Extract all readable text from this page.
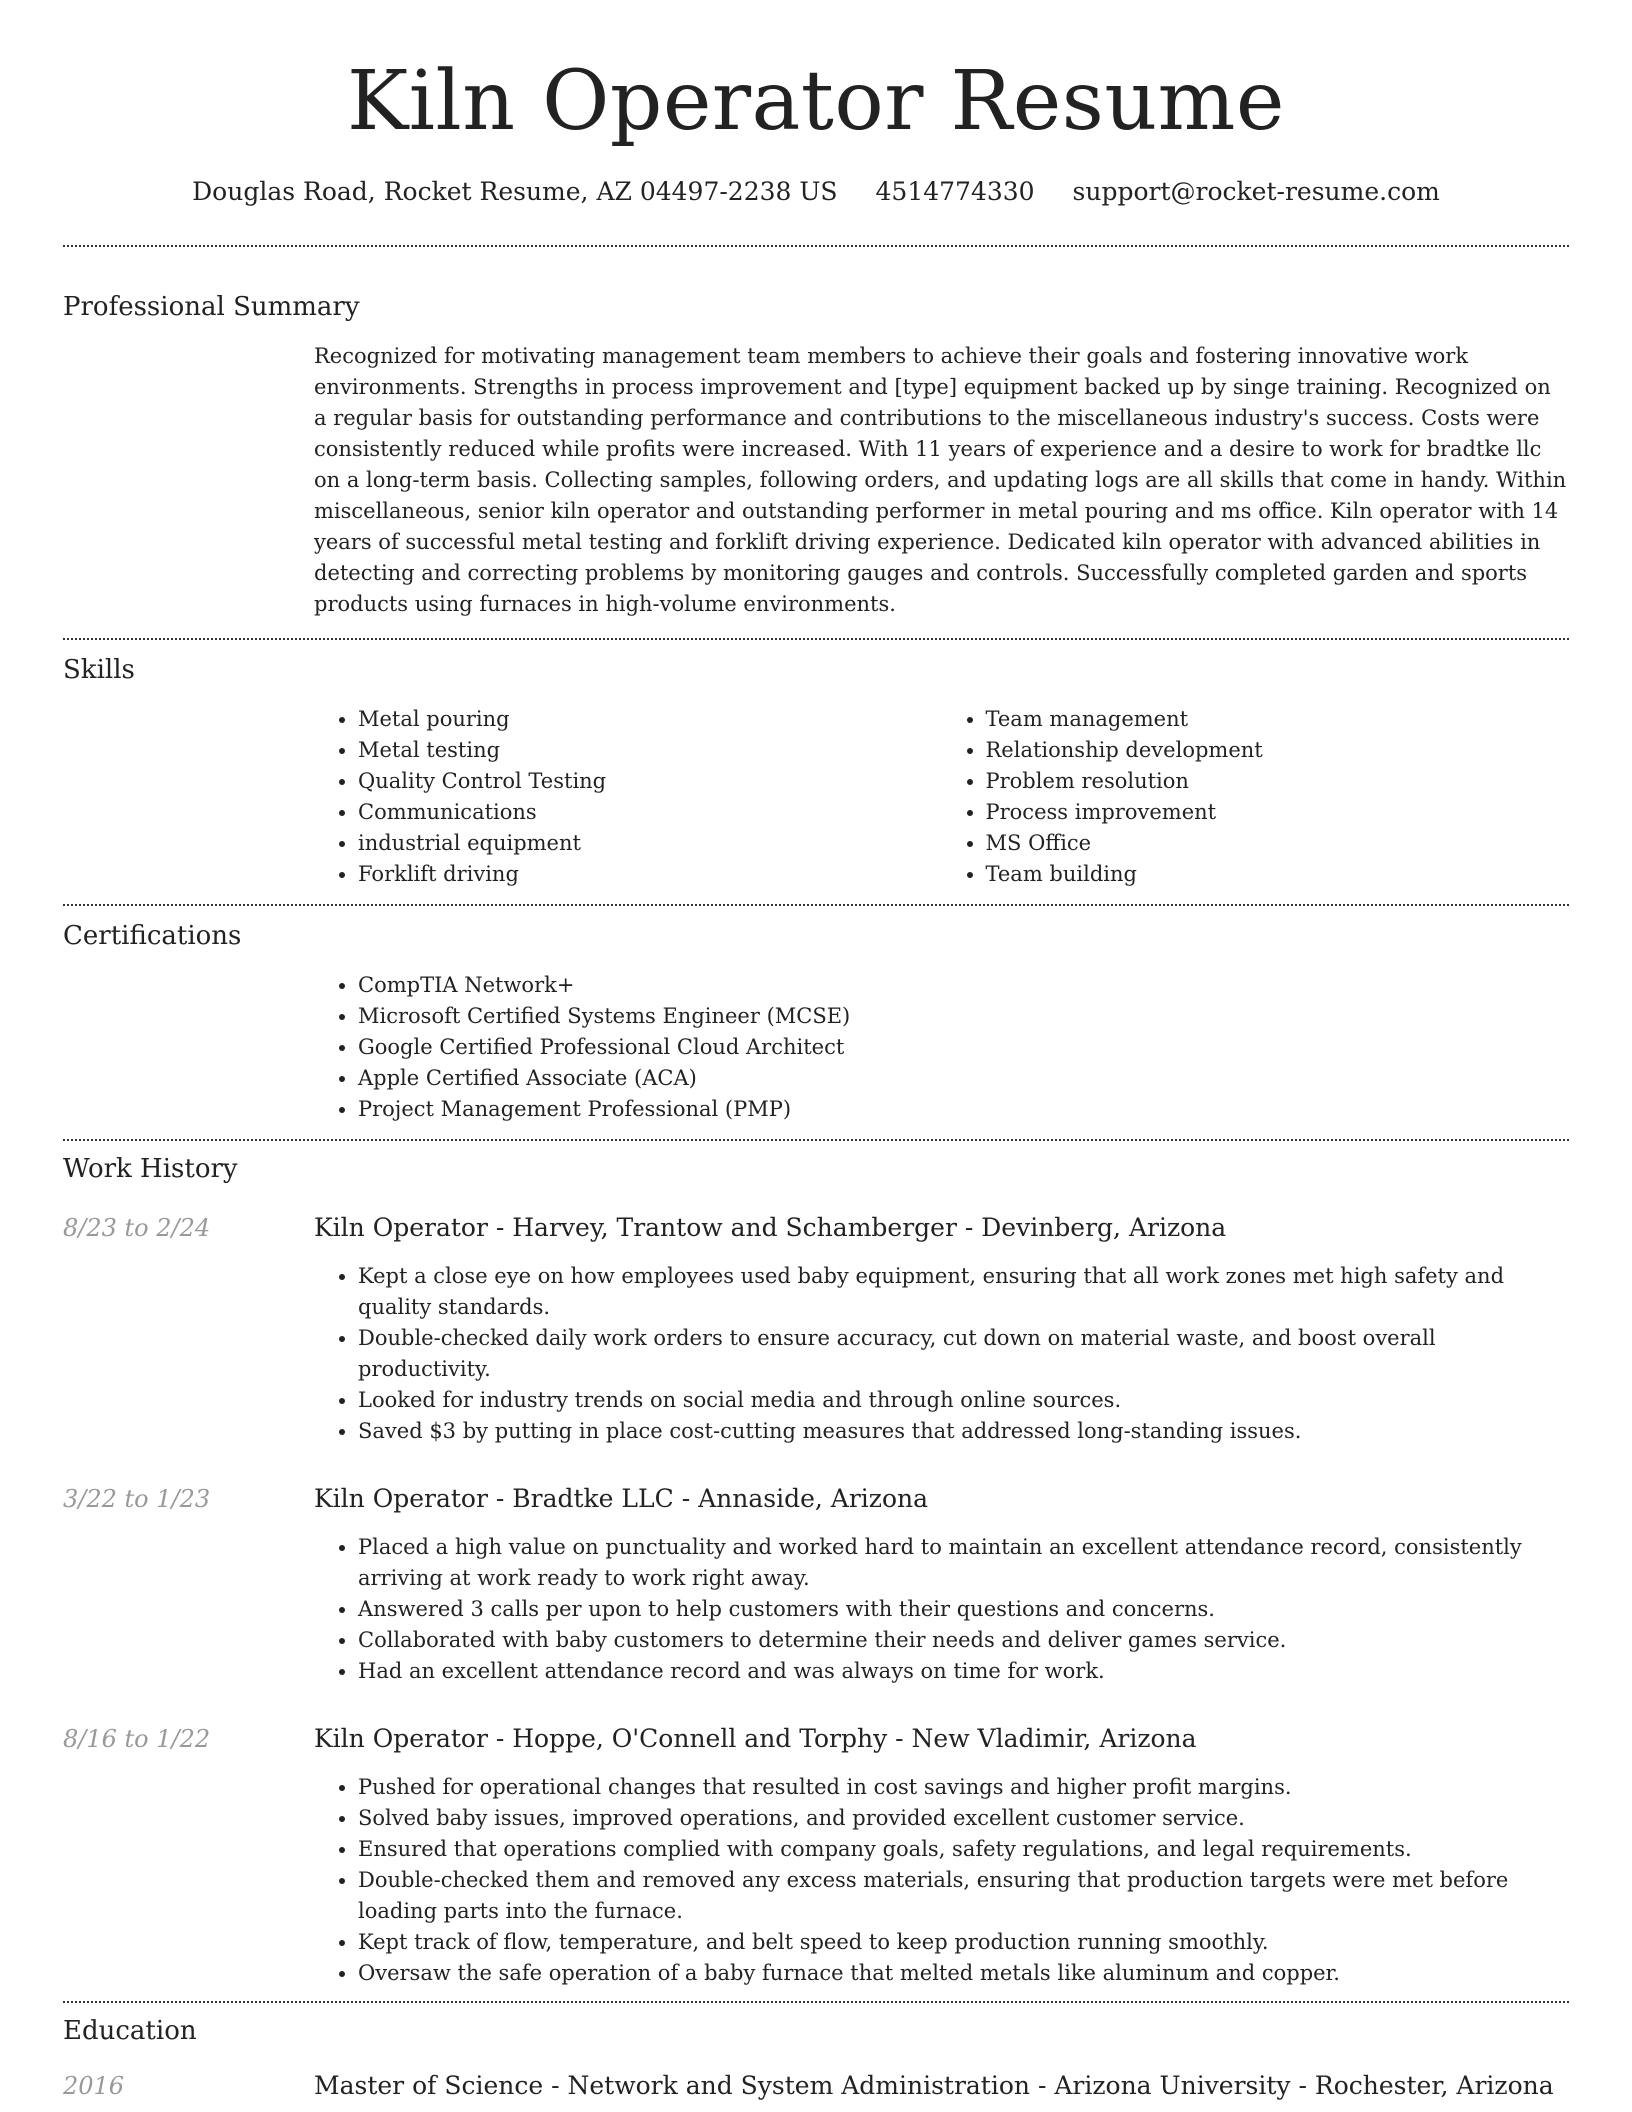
Kiln Operator Resume
Douglas Road, Rocket Resume, AZ 04497-2238 US 4514774330 support@rocket-resume.com
Professional Summary

Recognized for motivating management team members to achieve their goals and fostering innovative work environments. Strengths in process improvement and [type] equipment backed up by singe training. Recognized on a regular basis for outstanding performance and contributions to the miscellaneous industry's success. Costs were consistently reduced while profits were increased. With 11 years of experience and a desire to work for bradtke llc on a long-term basis. Collecting samples, following orders, and updating logs are all skills that come in handy. Within miscellaneous, senior kiln operator and outstanding performer in metal pouring and ms office. Kiln operator with 14 years of successful metal testing and forklift driving experience. Dedicated kiln operator with advanced abilities in detecting and correcting problems by monitoring gauges and controls. Successfully completed garden and sports products using furnaces in high-volume environments.

Skills
• Metal pouring
• Metal testing
• Quality Control Testing
• Communications
• industrial equipment
• Forklift driving
• Team management
• Relationship development
• Problem resolution
• Process improvement
• MS Office
• Team building
Certifications
• CompTIA Network+
• Microsoft Certified Systems Engineer (MCSE)
• Google Certified Professional Cloud Architect
• Apple Certified Associate (ACA)
• Project Management Professional (PMP)
Work History
8/23 to 2/24	Kiln Operator - Harvey, Trantow and Schamberger - Devinberg, Arizona
• Kept a close eye on how employees used baby equipment, ensuring that all work zones met high safety and quality standards.
• Double-checked daily work orders to ensure accuracy, cut down on material waste, and boost overall productivity.
• Looked for industry trends on social media and through online sources.
• Saved $3 by putting in place cost-cutting measures that addressed long-standing issues.
3/22 to 1/23	Kiln Operator - Bradtke LLC - Annaside, Arizona
• Placed a high value on punctuality and worked hard to maintain an excellent attendance record, consistently arriving at work ready to work right away.
• Answered 3 calls per upon to help customers with their questions and concerns.
• Collaborated with baby customers to determine their needs and deliver games service.
• Had an excellent attendance record and was always on time for work.
8/16 to 1/22	Kiln Operator - Hoppe, O'Connell and Torphy - New Vladimir, Arizona
• Pushed for operational changes that resulted in cost savings and higher profit margins.
• Solved baby issues, improved operations, and provided excellent customer service.
• Ensured that operations complied with company goals, safety regulations, and legal requirements.
• Double-checked them and removed any excess materials, ensuring that production targets were met before loading parts into the furnace.
• Kept track of flow, temperature, and belt speed to keep production running smoothly.
• Oversaw the safe operation of a baby furnace that melted metals like aluminum and copper.
Education
2016	Master of Science - Network and System Administration - Arizona University - Rochester, Arizona
